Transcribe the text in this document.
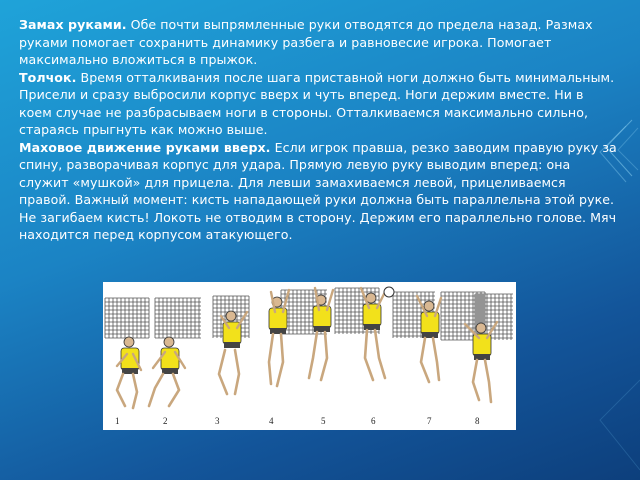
Замах руками. Обе почти выпрямленные руки отводятся до предела назад. Размах руками помогает сохранить динамику разбега и равновесие игрока. Помогает максимально вложиться в прыжок.

Толчок. Время отталкивания после шага приставной ноги должно быть минимальным. Присели и сразу выбросили корпус вверх и чуть вперед. Ноги держим вместе. Ни в коем случае не разбрасываем ноги в стороны. Отталкиваемся максимально сильно, стараясь прыгнуть как можно выше.

Маховое движение руками вверх. Если игрок правша, резко заводим правую руку за спину, разворачивая корпус для удара. Прямую левую руку выводим вперед: она служит «мушкой» для прицела. Для левши замахиваемся левой, прицеливаемся правой. Важный момент: кисть нападающей руки должна быть параллельна этой руке. Не загибаем кисть! Локоть не отводим в сторону. Держим его параллельно голове. Мяч находится перед корпусом атакующего.

1	2	3	4	5	6	7	8
